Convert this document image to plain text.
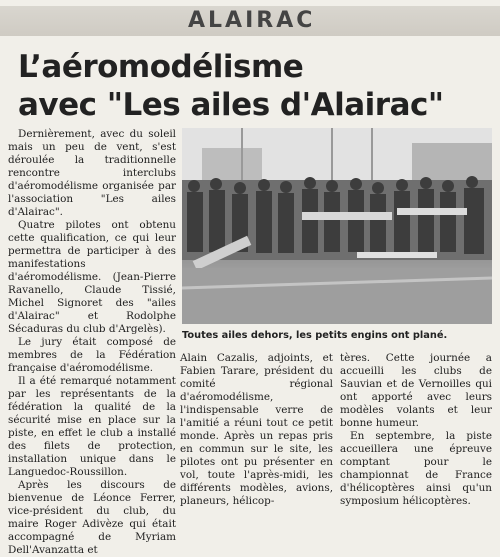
ALAIRAC
L’aéromodélisme
avec "Les ailes d'Alairac"

Dernièrement, avec du soleil mais un peu de vent, s'est déroulée la traditionnelle rencontre interclubs d'aéromodélisme organisée par l'association "Les ailes d'Alairac".

Quatre pilotes ont obtenu cette qualification, ce qui leur permettra de participer à des manifestations d'aéromodélisme. (Jean-Pierre Ravanello, Claude Tissié, Michel Signoret des "ailes d'Alairac" et Rodolphe Sécaduras du club d'Argelès).

Le jury était composé de membres de la Fédération française d'aéromodélisme.

Il a été remarqué notamment par les représentants de la fédération la qualité de la sécurité mise en place sur la piste, en effet le club a installé des filets de protection, installation unique dans le Languedoc-Roussillon.

Après les discours de bienvenue de Léonce Ferrer, vice-président du club, du maire Roger Adivèze qui était accompagné de Myriam Dell'Avanzatta et

Toutes ailes dehors, les petits engins ont plané.

Alain Cazalis, adjoints, et Fabien Tarare, président du comité régional d'aéromodélisme, l'indispensable verre de l'amitié a réuni tout ce petit monde. Après un repas pris en commun sur le site, les pilotes ont pu présenter en vol, toute l'après-midi, les différents modèles, avions, planeurs, hélicop-

tères. Cette journée a accueilli les clubs de Sauvian et de Vernoilles qui ont apporté avec leurs modèles volants et leur bonne humeur.

En septembre, la piste accueillera une épreuve comptant pour le championnat de France d'hélicoptères ainsi qu'un symposium hélicoptères.
